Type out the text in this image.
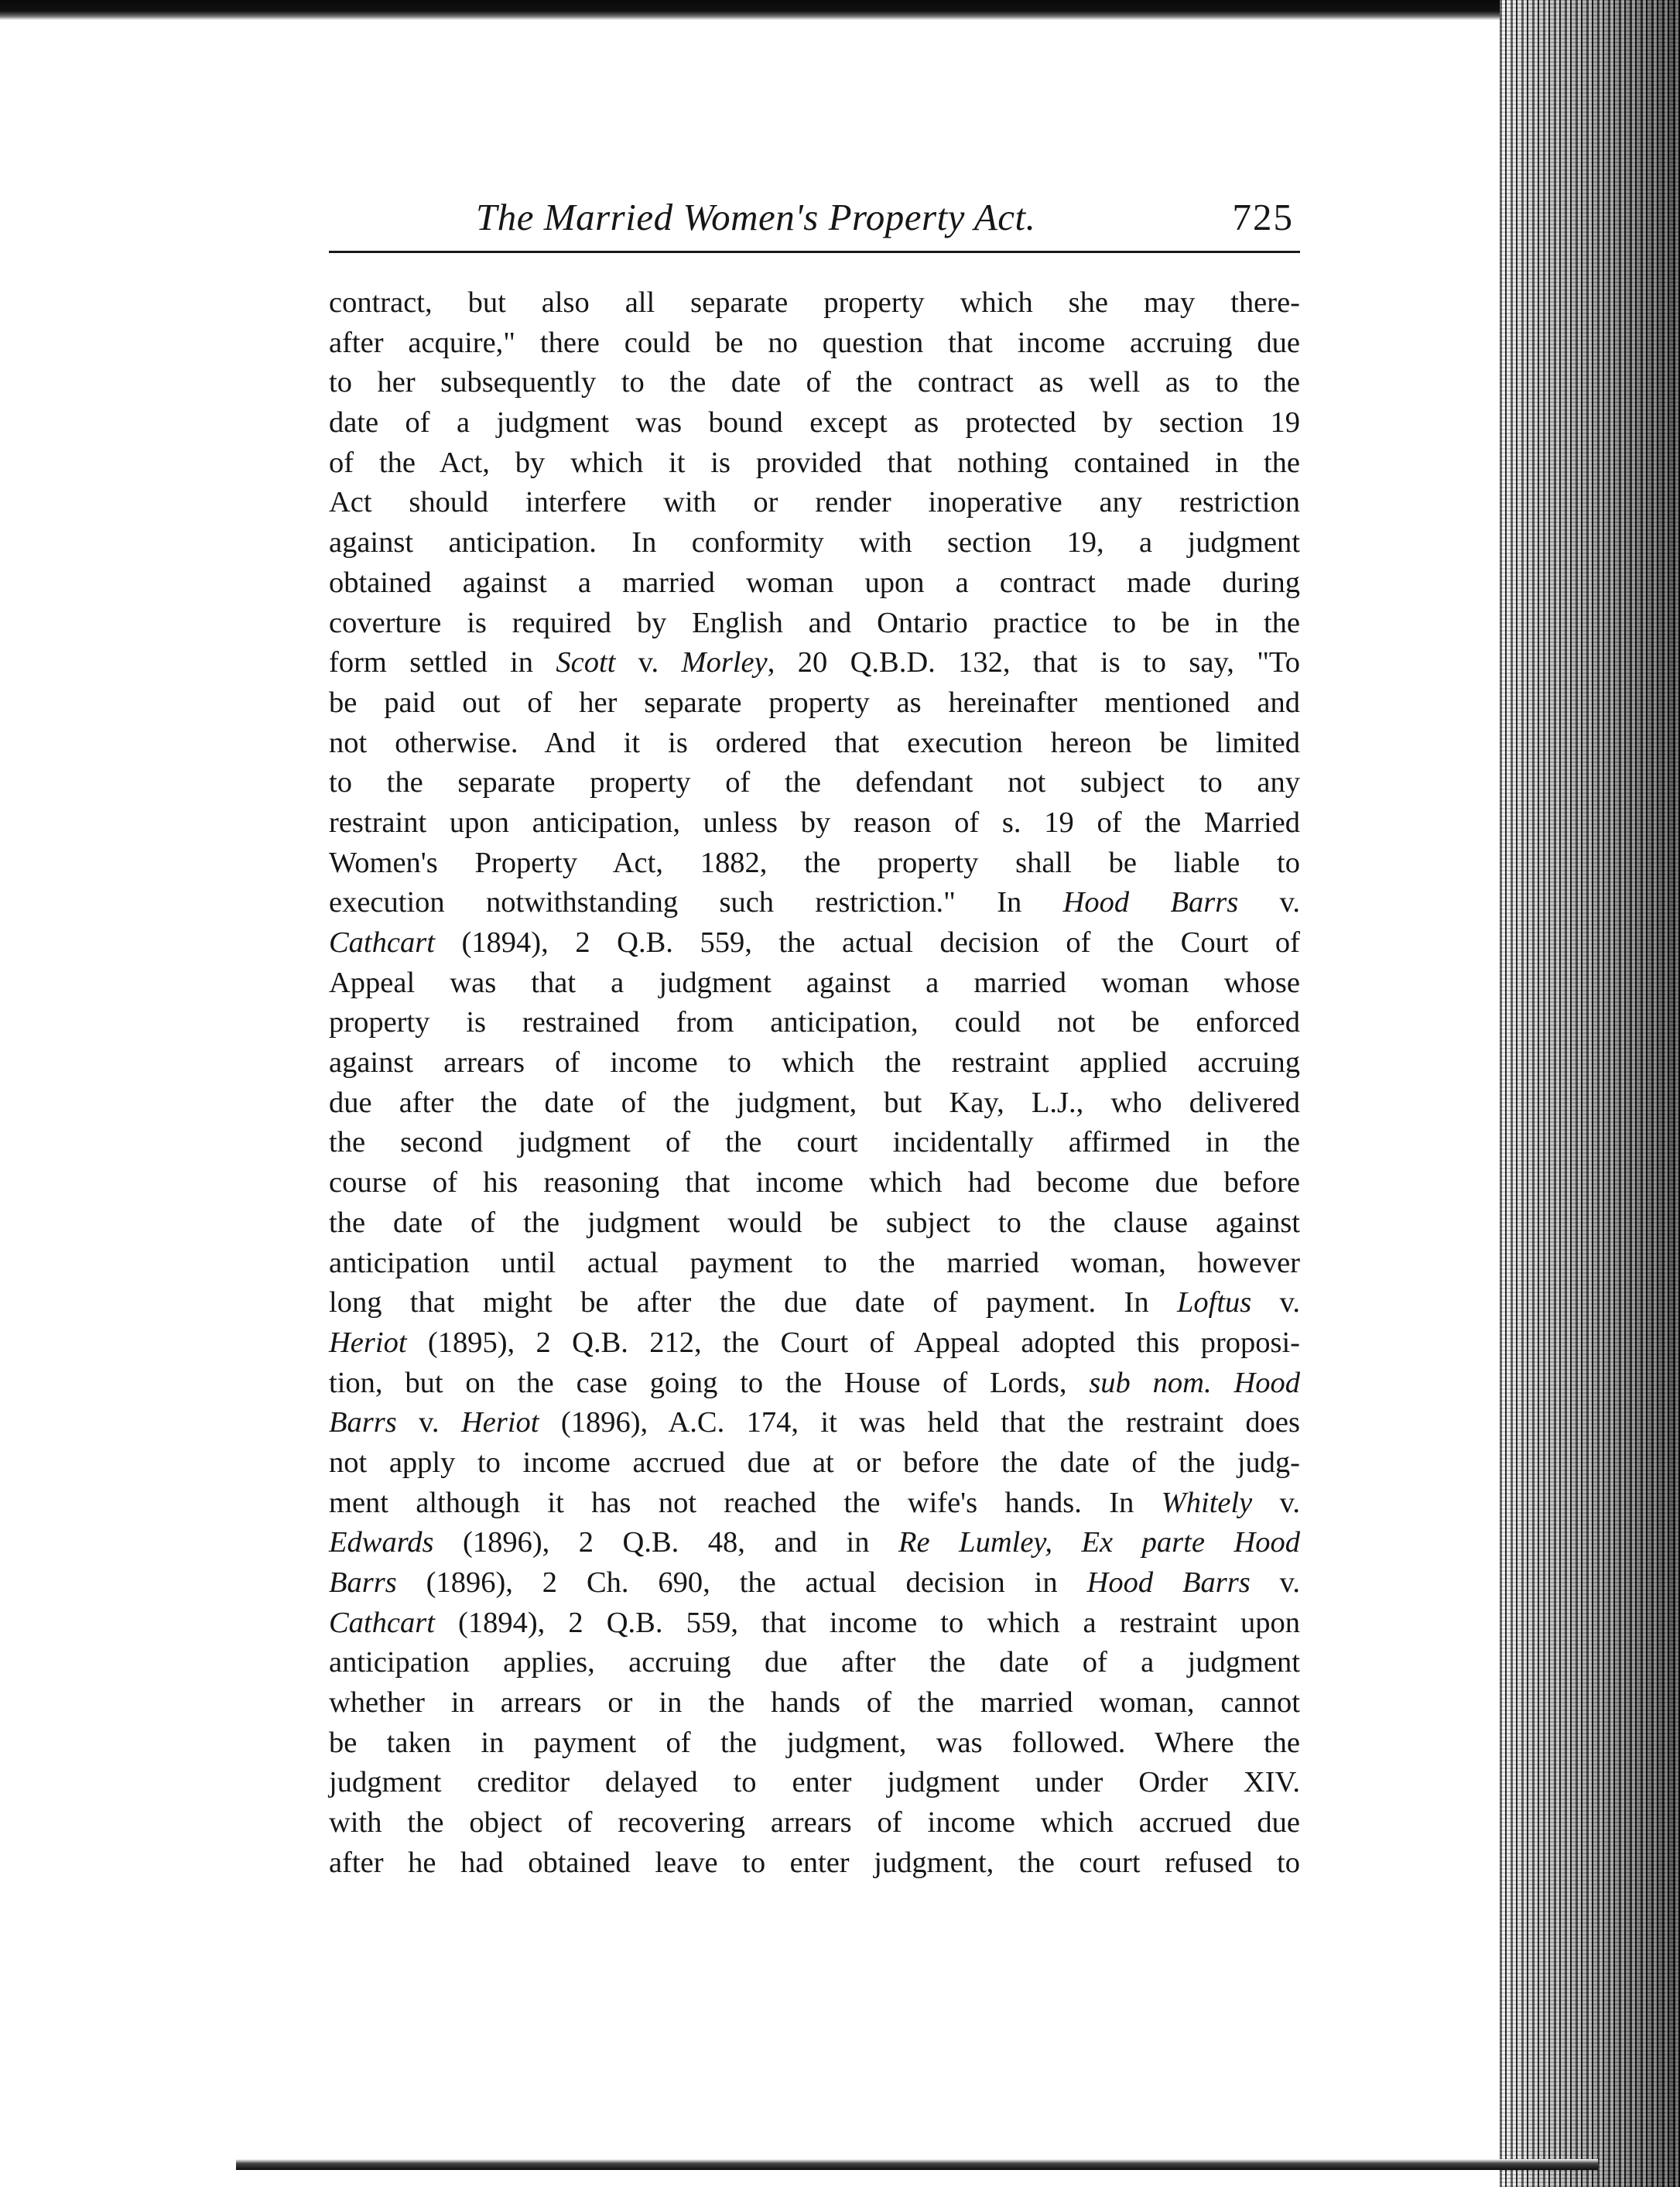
The Married Women's Property Act.	725
contract, but also all separate property which she may there-
after acquire," there could be no question that income accruing due
to her subsequently to the date of the contract as well as to the
date of a judgment was bound except as protected by section 19
of the Act, by which it is provided that nothing contained in the
Act should interfere with or render inoperative any restriction
against anticipation. In conformity with section 19, a judgment
obtained against a married woman upon a contract made during
coverture is required by English and Ontario practice to be in the
form settled in Scott v. Morley, 20 Q.B.D. 132, that is to say, "To
be paid out of her separate property as hereinafter mentioned and
not otherwise. And it is ordered that execution hereon be limited
to the separate property of the defendant not subject to any
restraint upon anticipation, unless by reason of s. 19 of the Married
Women's Property Act, 1882, the property shall be liable to
execution notwithstanding such restriction." In Hood Barrs v.
Cathcart (1894), 2 Q.B. 559, the actual decision of the Court of
Appeal was that a judgment against a married woman whose
property is restrained from anticipation, could not be enforced
against arrears of income to which the restraint applied accruing
due after the date of the judgment, but Kay, L.J., who delivered
the second judgment of the court incidentally affirmed in the
course of his reasoning that income which had become due before
the date of the judgment would be subject to the clause against
anticipation until actual payment to the married woman, however
long that might be after the due date of payment. In Loftus v.
Heriot (1895), 2 Q.B. 212, the Court of Appeal adopted this proposi-
tion, but on the case going to the House of Lords, sub nom. Hood
Barrs v. Heriot (1896), A.C. 174, it was held that the restraint does
not apply to income accrued due at or before the date of the judg-
ment although it has not reached the wife's hands. In Whitely v.
Edwards (1896), 2 Q.B. 48, and in Re Lumley, Ex parte Hood
Barrs (1896), 2 Ch. 690, the actual decision in Hood Barrs v.
Cathcart (1894), 2 Q.B. 559, that income to which a restraint upon
anticipation applies, accruing due after the date of a judgment
whether in arrears or in the hands of the married woman, cannot
be taken in payment of the judgment, was followed. Where the
judgment creditor delayed to enter judgment under Order XIV.
with the object of recovering arrears of income which accrued due
after he had obtained leave to enter judgment, the court refused to
